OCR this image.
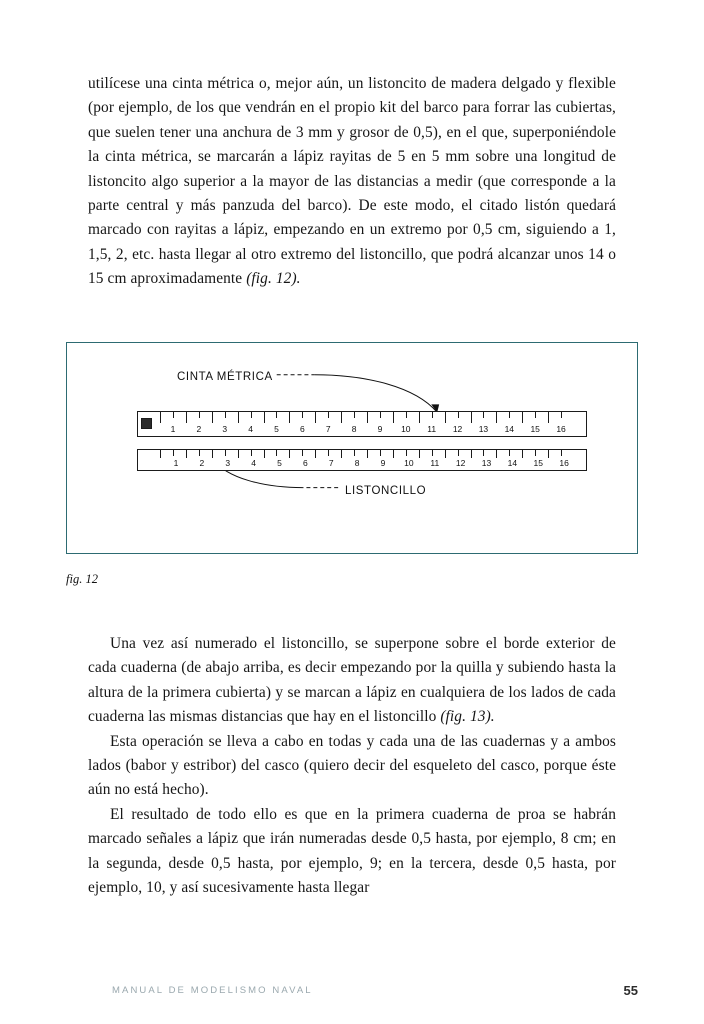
utilícese una cinta métrica o, mejor aún, un listoncito de madera delgado y flexible (por ejemplo, de los que vendrán en el propio kit del barco para forrar las cubiertas, que suelen tener una anchura de 3 mm y grosor de 0,5), en el que, superponiéndole la cinta métrica, se marcarán a lápiz rayitas de 5 en 5 mm sobre una longitud de listoncito algo superior a la mayor de las distancias a medir (que corresponde a la parte central y más panzuda del barco). De este modo, el citado listón quedará marcado con rayitas a lápiz, empezando en un extremo por 0,5 cm, siguiendo a 1, 1,5, 2, etc. hasta llegar al otro extremo del listoncillo, que podrá alcanzar unos 14 o 15 cm aproximadamente (fig. 12).

CINTA MÉTRICA
LISTONCILLO
1 2 3 4 5 6 7 8 9 10 11 12 13 14 15 16
1 2 3 4 5 6 7 8 9 10 11 12 13 14 15 16
fig. 12

Una vez así numerado el listoncillo, se superpone sobre el borde exterior de cada cuaderna (de abajo arriba, es decir empezando por la quilla y subiendo hasta la altura de la primera cubierta) y se marcan a lápiz en cualquiera de los lados de cada cuaderna las mismas distancias que hay en el listoncillo (fig. 13).

Esta operación se lleva a cabo en todas y cada una de las cuadernas y a ambos lados (babor y estribor) del casco (quiero decir del esqueleto del casco, porque éste aún no está hecho).

El resultado de todo ello es que en la primera cuaderna de proa se habrán marcado señales a lápiz que irán numeradas desde 0,5 hasta, por ejemplo, 8 cm; en la segunda, desde 0,5 hasta, por ejemplo, 9; en la tercera, desde 0,5 hasta, por ejemplo, 10, y así sucesivamente hasta llegar

MANUAL DE MODELISMO NAVAL	55
